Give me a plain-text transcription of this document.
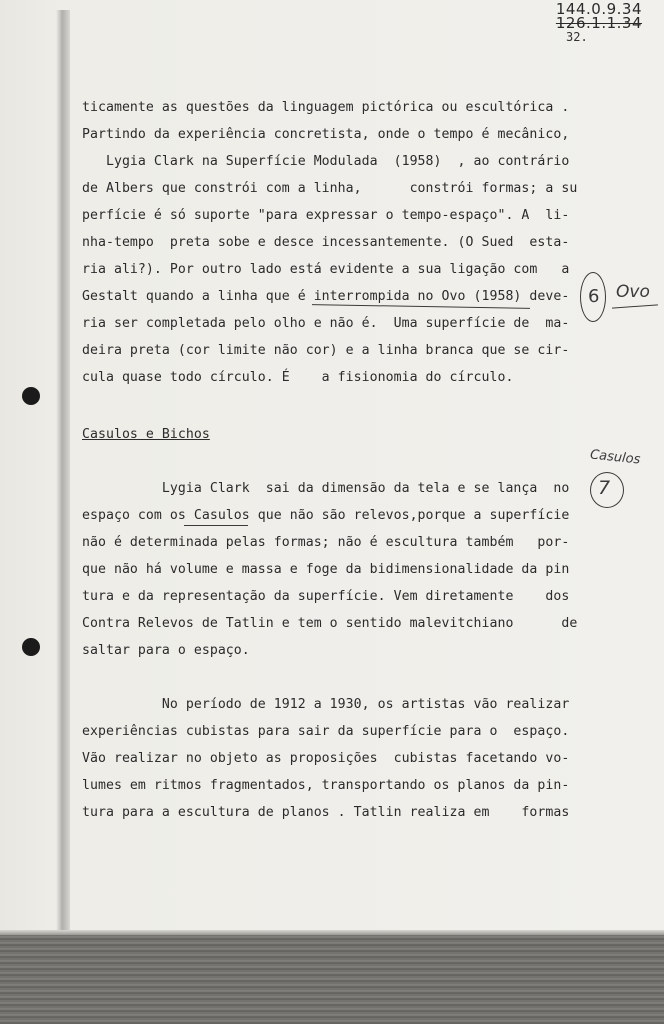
144.0.9.34
126.1.1.34
32.
ticamente as questões da linguagem pictórica ou escultórica .
Partindo da experiência concretista, onde o tempo é mecânico,
Lygia Clark na Superfície Modulada  (1958)  , ao contrário
de Albers que constrói com a linha,      constrói formas; a su
perfície é só suporte "para expressar o tempo-espaço". A  li-
nha-tempo  preta sobe e desce incessantemente. (O Sued  esta-
ria ali?). Por outro lado está evidente a sua ligação com   a
Gestalt quando a linha que é interrompida no Ovo (1958) deve-
ria ser completada pelo olho e não é.  Uma superfície de  ma-
deira preta (cor limite não cor) e a linha branca que se cir-
cula quase todo círculo. É    a fisionomia do círculo.
Casulos e Bichos
Lygia Clark  sai da dimensão da tela e se lança  no
espaço com os Casulos que não são relevos,porque a superfície
não é determinada pelas formas; não é escultura também   por-
que não há volume e massa e foge da bidimensionalidade da pin
tura e da representação da superfície. Vem diretamente    dos
Contra Relevos de Tatlin e tem o sentido malevitchiano      de
saltar para o espaço.
No período de 1912 a 1930, os artistas vão realizar
experiências cubistas para sair da superfície para o  espaço.
Vão realizar no objeto as proposições  cubistas facetando vo-
lumes em ritmos fragmentados, transportando os planos da pin-
tura para a escultura de planos . Tatlin realiza em    formas
6 Ovo
Casulos
7
